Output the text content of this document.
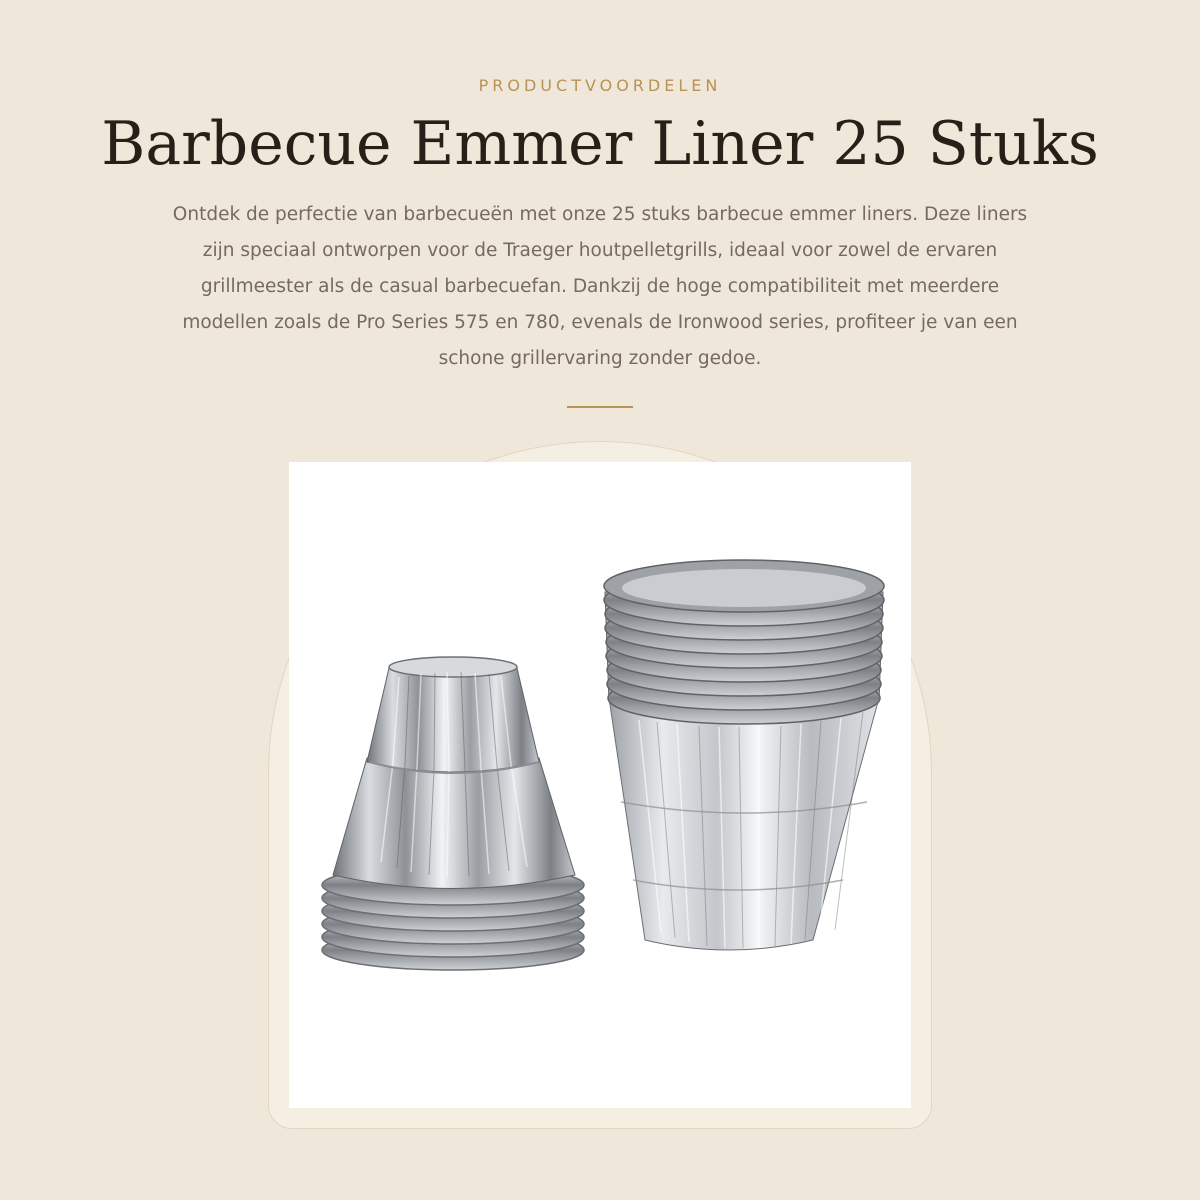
PRODUCTVOORDELEN
Barbecue Emmer Liner 25 Stuks

Ontdek de perfectie van barbecueën met onze 25 stuks barbecue emmer liners. Deze liners zijn speciaal ontworpen voor de Traeger houtpelletgrills, ideaal voor zowel de ervaren grillmeester als de casual barbecuefan. Dankzij de hoge compatibiliteit met meerdere modellen zoals de Pro Series 575 en 780, evenals de Ironwood series, profiteer je van een schone grillervaring zonder gedoe.
